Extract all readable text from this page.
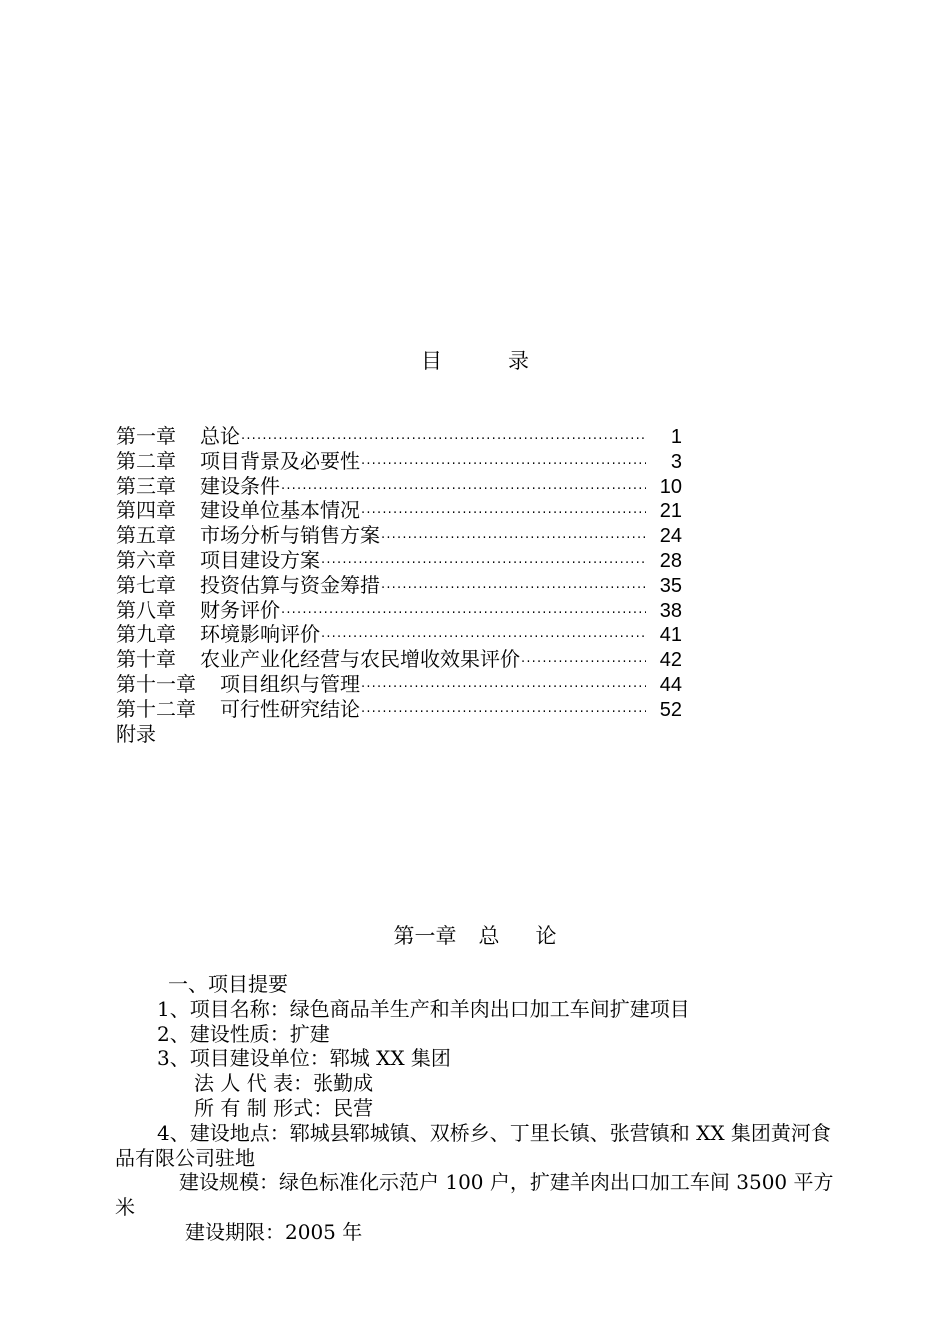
目	录
第一章 总论 ·····	1
第二章 项目背景及必要性 ·····	3
第三章 建设条件 ·····	10
第四章 建设单位基本情况 ·····	21
第五章 市场分析与销售方案 ·····	24
第六章 项目建设方案 ·····	28
第七章 投资估算与资金筹措 ·····	35
第八章 财务评价 ·····	38
第九章 环境影响评价 ·····	41
第十章 农业产业化经营与农民增收效果评价 ·····	42
第十一章 项目组织与管理 ·····	44
第十二章 可行性研究结论 ·····	52
附录
第一章 总 论
一、项目提要
1、项目名称：绿色商品羊生产和羊肉出口加工车间扩建项目
2、建设性质：扩建
3、项目建设单位：郓城 XX 集团
法 人 代 表：张勤成
所 有 制 形式：民营
4、建设地点：郓城县郓城镇、双桥乡、丁里长镇、张营镇和 XX 集团黄河食品有限公司驻地
建设规模：绿色标准化示范户 100 户，扩建羊肉出口加工车间 3500 平方米
建设期限：2005 年
